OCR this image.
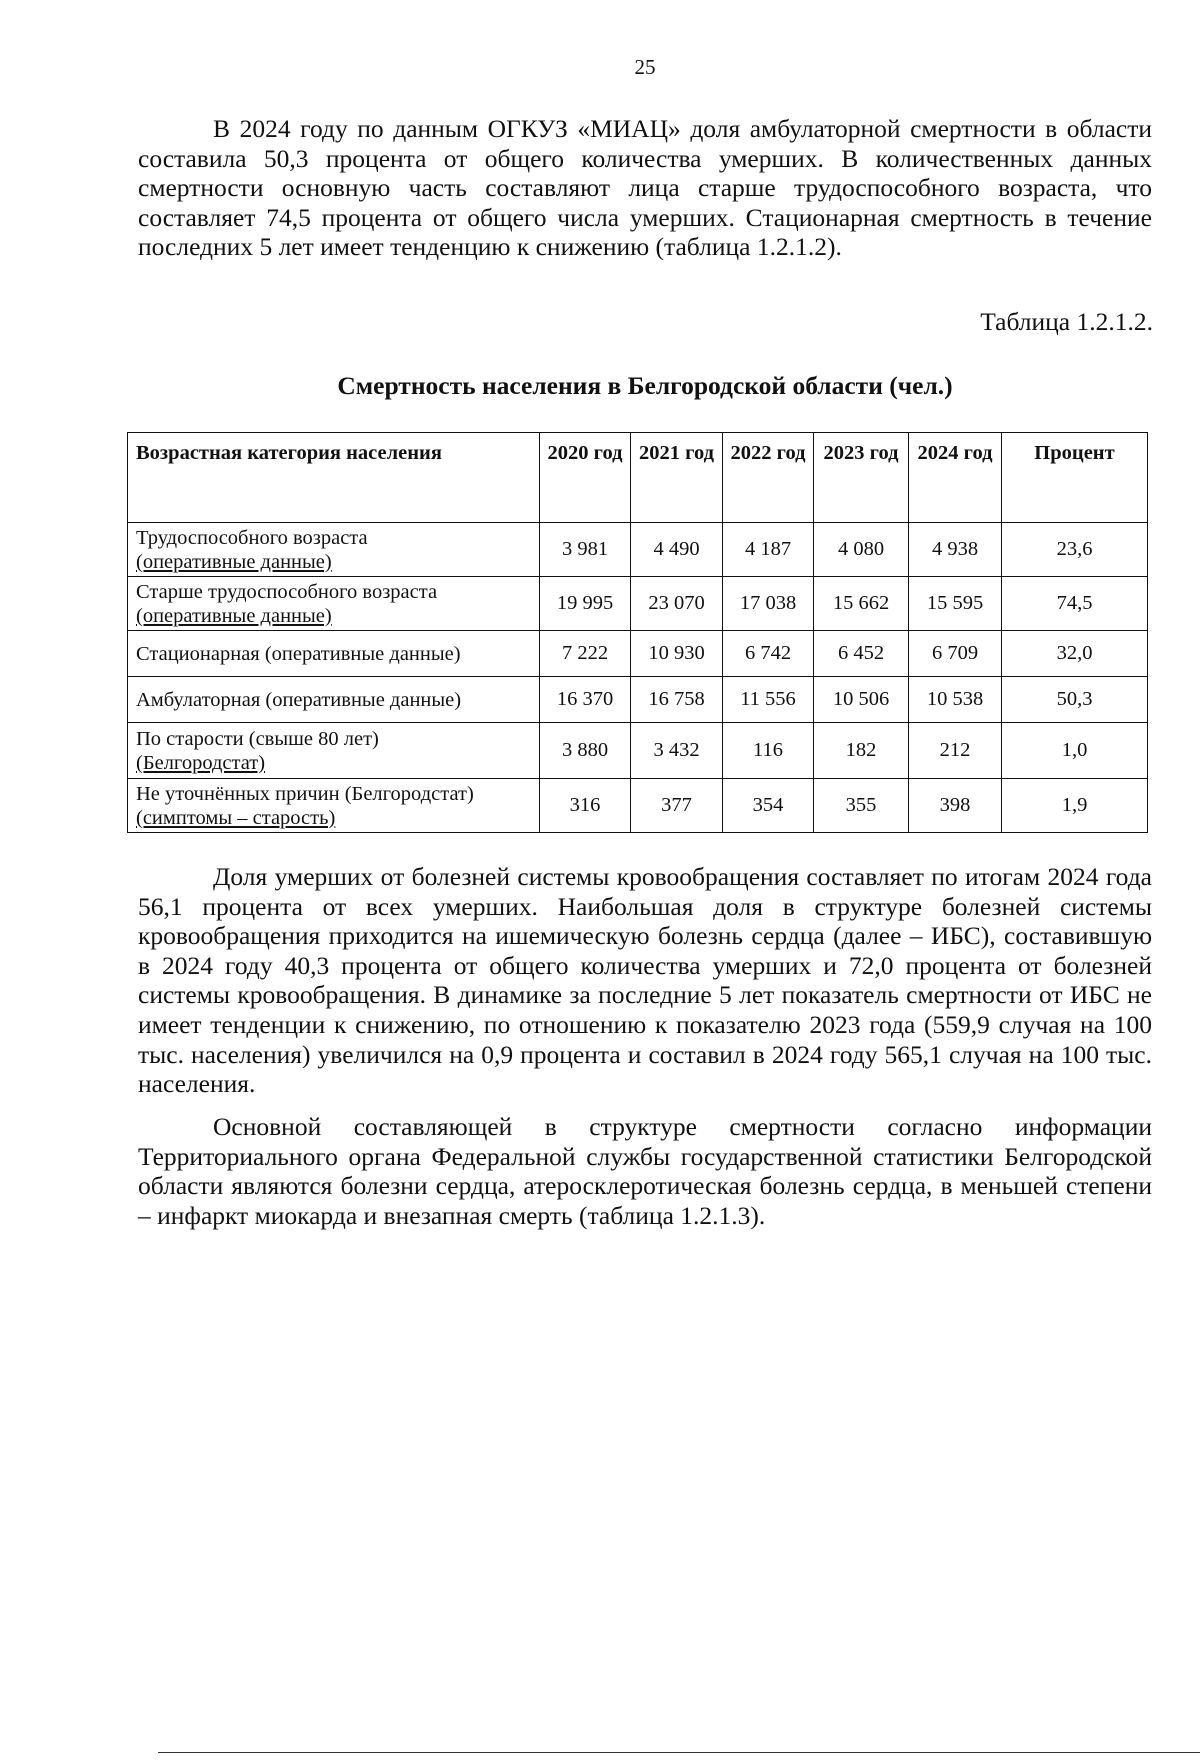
25

В 2024 году по данным ОГКУЗ «МИАЦ» доля амбулаторной смертности в области составила 50,3 процента от общего количества умерших. В количественных данных смертности основную часть составляют лица старше трудоспособного возраста, что составляет 74,5 процента от общего числа умерших. Стационарная смертность в течение последних 5 лет имеет тенденцию к снижению (таблица 1.2.1.2).

Таблица 1.2.1.2.
Смертность населения в Белгородской области (чел.)
Возрастная категория населения	2020 год	2021 год	2022 год	2023 год	2024 год	Процент

Трудоспособного возраста
(оперативные данные)	3 981	4 490	4 187	4 080	4 938	23,6

Старше трудоспособного возраста
(оперативные данные)	19 995	23 070	17 038	15 662	15 595	74,5

Стационарная (оперативные данные)	7 222	10 930	6 742	6 452	6 709	32,0

Амбулаторная (оперативные данные)	16 370	16 758	11 556	10 506	10 538	50,3

По старости (свыше 80 лет)
(Белгородстат)	3 880	3 432	116	182	212	1,0

Не уточнённых причин (Белгородстат)
(симптомы – старость)	316	377	354	355	398	1,9

Доля умерших от болезней системы кровообращения составляет по итогам 2024 года 56,1 процента от всех умерших. Наибольшая доля в структуре болезней системы кровообращения приходится на ишемическую болезнь сердца (далее – ИБС), составившую в 2024 году 40,3 процента от общего количества умерших и 72,0 процента от болезней системы кровообращения. В динамике за последние 5 лет показатель смертности от ИБС не имеет тенденции к снижению, по отношению к показателю 2023 года (559,9 случая на 100 тыс. населения) увеличился на 0,9 процента и составил в 2024 году 565,1 случая на 100 тыс. населения.

Основной составляющей в структуре смертности согласно информации Территориального органа Федеральной службы государственной статистики Белгородской области являются болезни сердца, атеросклеротическая болезнь сердца, в меньшей степени – инфаркт миокарда и внезапная смерть (таблица 1.2.1.3).
